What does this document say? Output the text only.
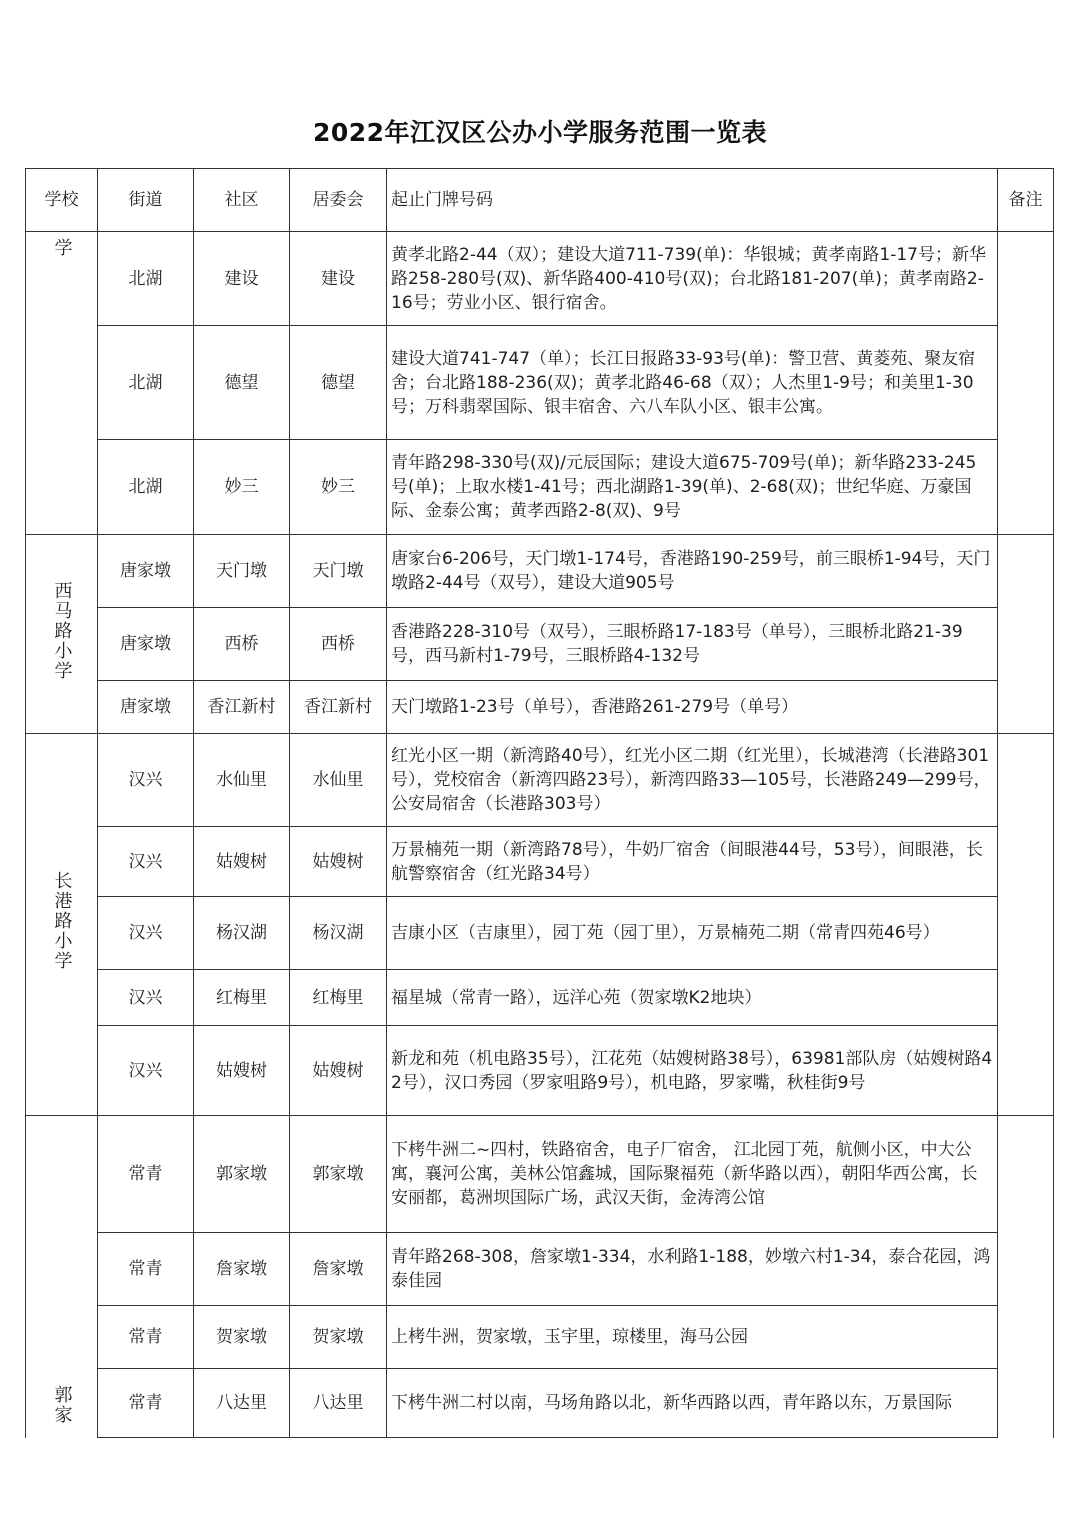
2022年江汉区公办小学服务范围一览表
学校	街道	社区	居委会	起止门牌号码	备注
学	北湖	建设	建设	黄孝北路2-44（双）；建设大道711-739(单)：华银城；黄孝南路1-17号；新华路258-280号(双)、新华路400-410号(双)；台北路181-207(单)；黄孝南路2-16号；劳业小区、银行宿舍。	
	北湖	德望	德望	建设大道741-747（单）；长江日报路33-93号(单)：警卫营、黄菱苑、聚友宿舍；台北路188-236(双)；黄孝北路46-68（双）；人杰里1-9号；和美里1-30号；万科翡翠国际、银丰宿舍、六八车队小区、银丰公寓。	
	北湖	妙三	妙三	青年路298-330号(双)/元辰国际；建设大道675-709号(单)；新华路233-245号(单)；上取水楼1-41号；西北湖路1-39(单)、2-68(双)；世纪华庭、万豪国际、金泰公寓；黄孝西路2-8(双)、9号	
西马路小学	唐家墩	天门墩	天门墩	唐家台6-206号，天门墩1-174号，香港路190-259号，前三眼桥1-94号，天门墩路2-44号（双号），建设大道905号	
	唐家墩	西桥	西桥	香港路228-310号（双号），三眼桥路17-183号（单号），三眼桥北路21-39号，西马新村1-79号，三眼桥路4-132号	
	唐家墩	香江新村	香江新村	天门墩路1-23号（单号），香港路261-279号（单号）	
长港路小学	汉兴	水仙里	水仙里	红光小区一期（新湾路40号），红光小区二期（红光里），长城港湾（长港路301号），党校宿舍（新湾四路23号），新湾四路33—105号，长港路249—299号，公安局宿舍（长港路303号）	
	汉兴	姑嫂树	姑嫂树	万景楠苑一期（新湾路78号），牛奶厂宿舍（间眼港44号，53号），间眼港，长航警察宿舍（红光路34号）	
	汉兴	杨汉湖	杨汉湖	吉康小区（吉康里），园丁苑（园丁里），万景楠苑二期（常青四苑46号）	
	汉兴	红梅里	红梅里	福星城（常青一路），远洋心苑（贺家墩K2地块）	
	汉兴	姑嫂树	姑嫂树	新龙和苑（机电路35号），江花苑（姑嫂树路38号），63981部队房（姑嫂树路42号），汉口秀园（罗家咀路9号），机电路，罗家嘴，秋桂街9号	
郭家	常青	郭家墩	郭家墩	下栲牛洲二~四村，铁路宿舍，电子厂宿舍， 江北园丁苑，航侧小区，中大公寓，襄河公寓，美林公馆鑫城，国际聚福苑（新华路以西），朝阳华西公寓，长安丽都，葛洲坝国际广场，武汉天街，金涛湾公馆	
	常青	詹家墩	詹家墩	青年路268-308，詹家墩1-334，水利路1-188，妙墩六村1-34，泰合花园，鸿泰佳园	
	常青	贺家墩	贺家墩	上栲牛洲，贺家墩，玉宇里，琼楼里，海马公园	
	常青	八达里	八达里	下栲牛洲二村以南，马场角路以北，新华西路以西，青年路以东，万景国际	
